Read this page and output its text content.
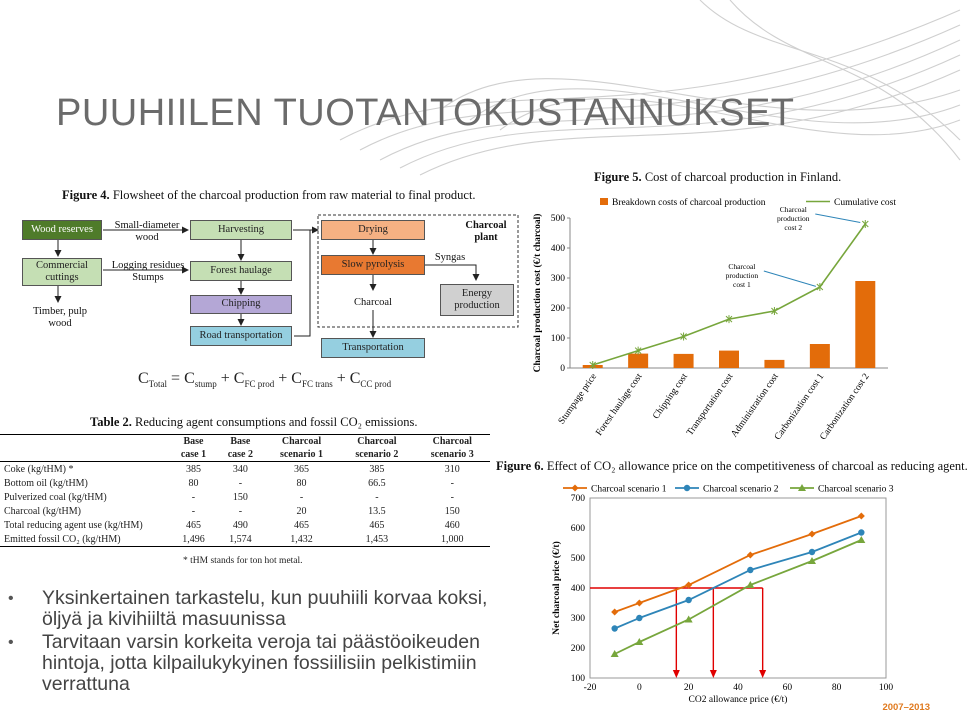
PUUHIILEN TUOTANTOKUSTANNUKSET
Figure 4. Flowsheet of the charcoal production from raw material to final product.
Wood reserves	Small-diameter wood
Harvesting
Commercial cuttings
Logging residues
Stumps
Forest haulage
Timber, pulp wood
Chipping
Road transportation
Drying	Charcoal plant
Slow pyrolysis
Syngas
Charcoal
Energy production
Transportation
$C_{Total} = C_{stump} + C_{FC prod} + C_{FC trans} + C_{CC prod}$
Table 2. Reducing agent consumptions and fossil CO₂ emissions.
	Base	Base	Charcoal	Charcoal	Charcoal
	case 1	case 2	scenario 1	scenario 2	scenario 3
Coke (kg/tHM) *	385	340	365	385	310
Bottom oil (kg/tHM)	80	-	80	66.5	-
Pulverized coal (kg/tHM)	-	150	-	-	-
Charcoal (kg/tHM)	-	-	20	13.5	150
Total reducing agent use (kg/tHM)	465	490	465	465	460
Emitted fossil CO₂ (kg/tHM)	1,496	1,574	1,432	1,453	1,000
* tHM stands for ton hot metal.
• Yksinkertainen tarkastelu, kun puuhiili korvaa koksi, öljyä ja kivihiiltä masuunissa
• Tarvitaan varsin korkeita veroja tai päästöoikeuden hintoja, jotta kilpailukykyinen fossiilisiin pelkistimiin verrattuna
Figure 5. Cost of charcoal production in Finland.
Breakdown costs of charcoal production	Cumulative cost
0
100
200
300
400
500
Charcoal production cost (€/t charcoal)
Stumpage price
Forest haulage cost Chipping cost
Transportation cost
Administration cost
Carbonization cost 1
Carbonization cost 2
Charcoal production cost 1
Charcoal production cost 2
Figure 6. Effect of CO₂ allowance price on the competitiveness of charcoal as reducing agent.
Charcoal scenario 1	Charcoal scenario 2	Charcoal scenario 3
100
200
300
400
500
600
700
-20	0	20	40	60	80	100
CO2 allowance price (€/t)
Net charcoal price (€/t)
2007–2013
